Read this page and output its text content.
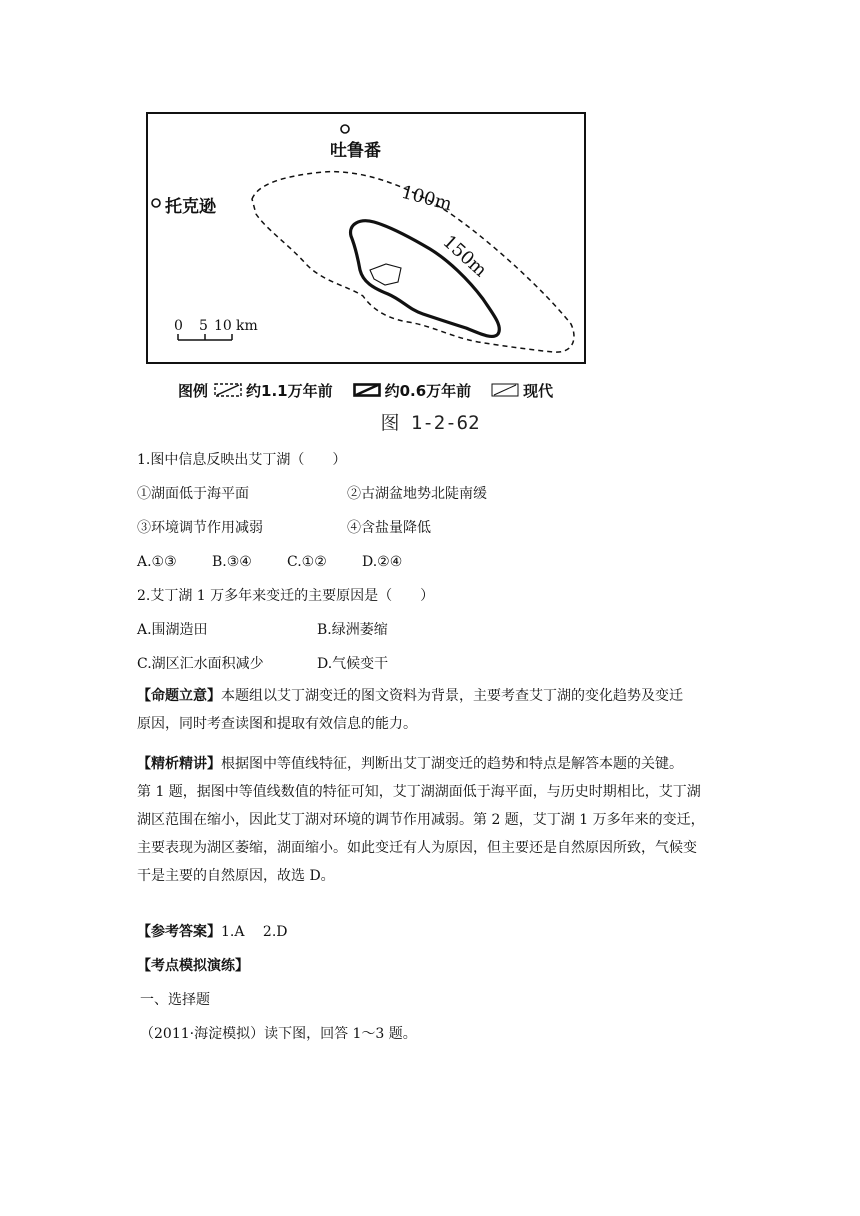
100m
150m
0 5 10 km
吐鲁番
托克逊
图例	约1.1万年前	约0.6万年前	现代
图 1-2-62
1.图中信息反映出艾丁湖（　　）
①湖面低于海平面	②古湖盆地势北陡南缓
③环境调节作用减弱	④含盐量降低
A.①③	B.③④	C.①②	D.②④
2.艾丁湖 1 万多年来变迁的主要原因是（　　）
A.围湖造田	B.绿洲萎缩
C.湖区汇水面积减少	D.气候变干
【命题立意】本题组以艾丁湖变迁的图文资料为背景，主要考查艾丁湖的变化趋势及变迁
原因，同时考查读图和提取有效信息的能力。
【精析精讲】根据图中等值线特征，判断出艾丁湖变迁的趋势和特点是解答本题的关键。
第 1 题，据图中等值线数值的特征可知，艾丁湖湖面低于海平面，与历史时期相比，艾丁湖
湖区范围在缩小，因此艾丁湖对环境的调节作用减弱。第 2 题，艾丁湖 1 万多年来的变迁，
主要表现为湖区萎缩，湖面缩小。如此变迁有人为原因，但主要还是自然原因所致，气候变
干是主要的自然原因，故选 D。
【参考答案】1.A　 2.D
【考点模拟演练】
一、选择题
（2011·海淀模拟）读下图，回答 1～3 题。
